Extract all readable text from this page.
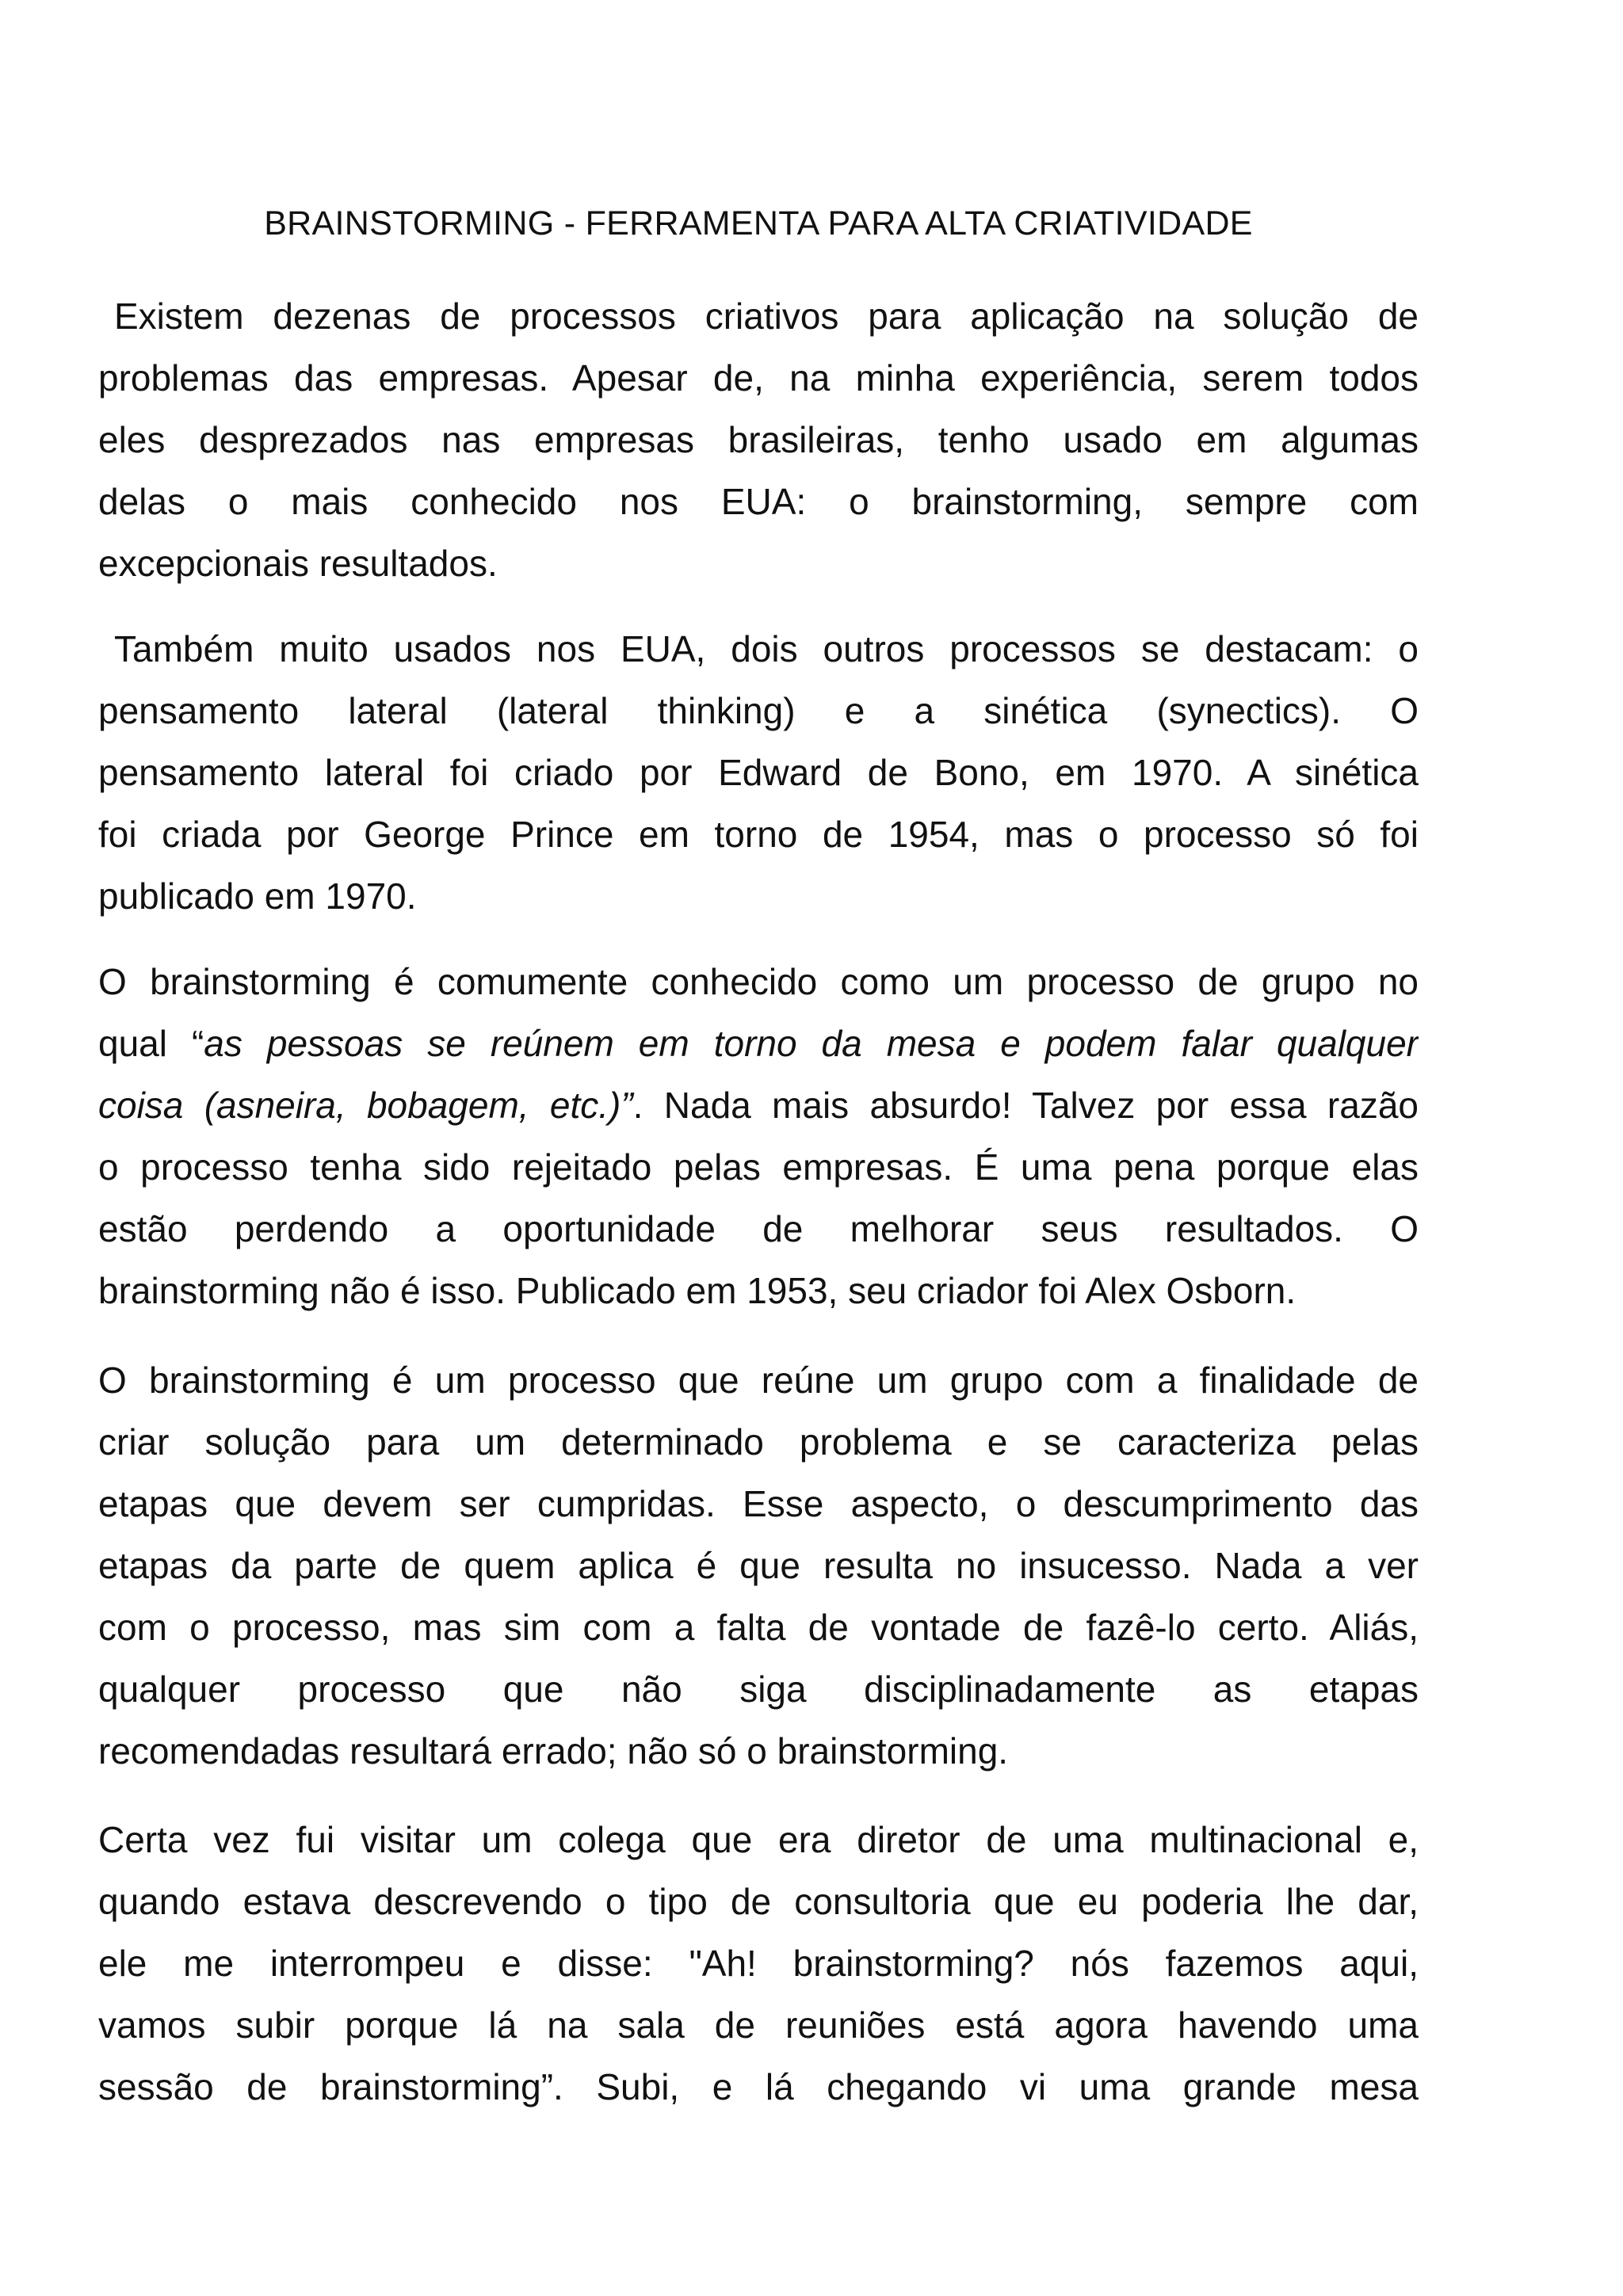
BRAINSTORMING - FERRAMENTA PARA ALTA CRIATIVIDADE
Existem dezenas de processos criativos para aplicação na solução de
problemas das empresas. Apesar de, na minha experiência, serem todos
eles desprezados nas empresas brasileiras, tenho usado em algumas
delas o mais conhecido nos EUA: o brainstorming, sempre com
excepcionais resultados.
Também muito usados nos EUA, dois outros processos se destacam: o
pensamento lateral (lateral thinking) e a sinética (synectics). O
pensamento lateral foi criado por Edward de Bono, em 1970. A sinética
foi criada por George Prince em torno de 1954, mas o processo só foi
publicado em 1970.
O brainstorming é comumente conhecido como um processo de grupo no
qual “as pessoas se reúnem em torno da mesa e podem falar qualquer
coisa (asneira, bobagem, etc.)”. Nada mais absurdo! Talvez por essa razão
o processo tenha sido rejeitado pelas empresas. É uma pena porque elas
estão perdendo a oportunidade de melhorar seus resultados. O
brainstorming não é isso. Publicado em 1953, seu criador foi Alex Osborn.
O brainstorming é um processo que reúne um grupo com a finalidade de
criar solução para um determinado problema e se caracteriza pelas
etapas que devem ser cumpridas. Esse aspecto, o descumprimento das
etapas da parte de quem aplica é que resulta no insucesso. Nada a ver
com o processo, mas sim com a falta de vontade de fazê-lo certo. Aliás,
qualquer processo que não siga disciplinadamente as etapas
recomendadas resultará errado; não só o brainstorming.
Certa vez fui visitar um colega que era diretor de uma multinacional e,
quando estava descrevendo o tipo de consultoria que eu poderia lhe dar,
ele me interrompeu e disse: "Ah! brainstorming? nós fazemos aqui,
vamos subir porque lá na sala de reuniões está agora havendo uma
sessão de brainstorming”. Subi, e lá chegando vi uma grande mesa
